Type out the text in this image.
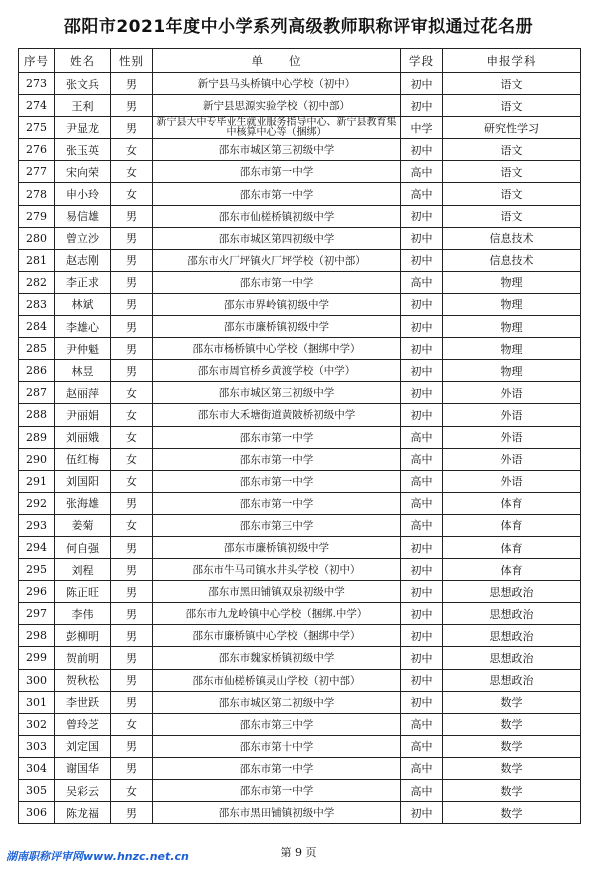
邵阳市2021年度中小学系列高级教师职称评审拟通过花名册
序号	姓名	性别	单　　位	学段	申报学科
273	张文兵	男	新宁县马头桥镇中心学校（初中）	初中	语文
274	王利	男	新宁县思源实验学校（初中部）	初中	语文
275	尹显龙	男	新宁县大中专毕业生就业服务指导中心、新宁县教育集中核算中心等（捆绑）	中学	研究性学习
276	张玉英	女	邵东市城区第三初级中学	初中	语文
277	宋向荣	女	邵东市第一中学	高中	语文
278	申小玲	女	邵东市第一中学	高中	语文
279	易信雄	男	邵东市仙槎桥镇初级中学	初中	语文
280	曾立沙	男	邵东市城区第四初级中学	初中	信息技术
281	赵志刚	男	邵东市火厂坪镇火厂坪学校（初中部）	初中	信息技术
282	李正求	男	邵东市第一中学	高中	物理
283	林斌	男	邵东市界岭镇初级中学	初中	物理
284	李雄心	男	邵东市廉桥镇初级中学	初中	物理
285	尹仲魁	男	邵东市杨桥镇中心学校（捆绑中学）	初中	物理
286	林昱	男	邵东市周官桥乡黄渡学校（中学）	初中	物理
287	赵丽萍	女	邵东市城区第三初级中学	初中	外语
288	尹丽娟	女	邵东市大禾塘街道黄陂桥初级中学	初中	外语
289	刘丽娥	女	邵东市第一中学	高中	外语
290	伍红梅	女	邵东市第一中学	高中	外语
291	刘国阳	女	邵东市第一中学	高中	外语
292	张海雄	男	邵东市第一中学	高中	体育
293	姜菊	女	邵东市第三中学	高中	体育
294	何自强	男	邵东市廉桥镇初级中学	初中	体育
295	刘程	男	邵东市牛马司镇水井头学校（初中）	初中	体育
296	陈正旺	男	邵东市黑田铺镇双泉初级中学	初中	思想政治
297	李伟	男	邵东市九龙岭镇中心学校（捆绑.中学）	初中	思想政治
298	彭柳明	男	邵东市廉桥镇中心学校（捆绑中学）	初中	思想政治
299	贺前明	男	邵东市魏家桥镇初级中学	初中	思想政治
300	贺秋松	男	邵东市仙槎桥镇灵山学校（初中部）	初中	思想政治
301	李世跃	男	邵东市城区第二初级中学	初中	数学
302	曾玲芝	女	邵东市第三中学	高中	数学
303	刘定国	男	邵东市第十中学	高中	数学
304	谢国华	男	邵东市第一中学	高中	数学
305	吴彩云	女	邵东市第一中学	高中	数学
306	陈龙福	男	邵东市黑田铺镇初级中学	初中	数学
湖南职称评审网www.hnzc.net.cn	第 9 页
